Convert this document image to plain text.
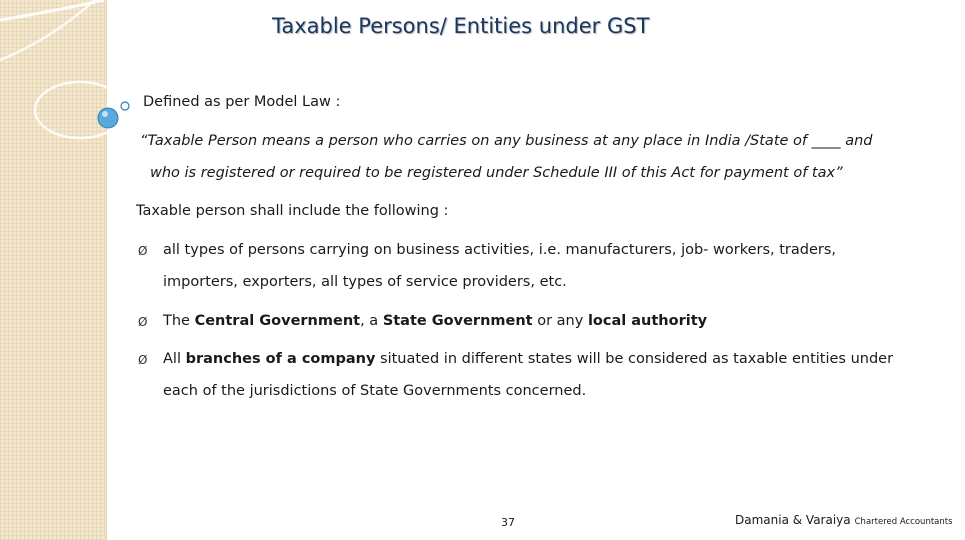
Taxable Persons/ Entities under GST
Defined as per Model Law :
“Taxable Person means a person who carries on any business at any place in India /State of ____ and
who is registered or required to be registered under Schedule III of this Act for payment of tax”
Taxable person shall include the following :
Ø all types of persons carrying on business activities, i.e. manufacturers, job- workers, traders,
importers, exporters, all types of service providers, etc.
Ø The Central Government, a State Government or any local authority
Ø All branches of a company situated in different states will be considered as taxable entities under
each of the jurisdictions of State Governments concerned.
37	Damania & Varaiya Chartered Accountants
